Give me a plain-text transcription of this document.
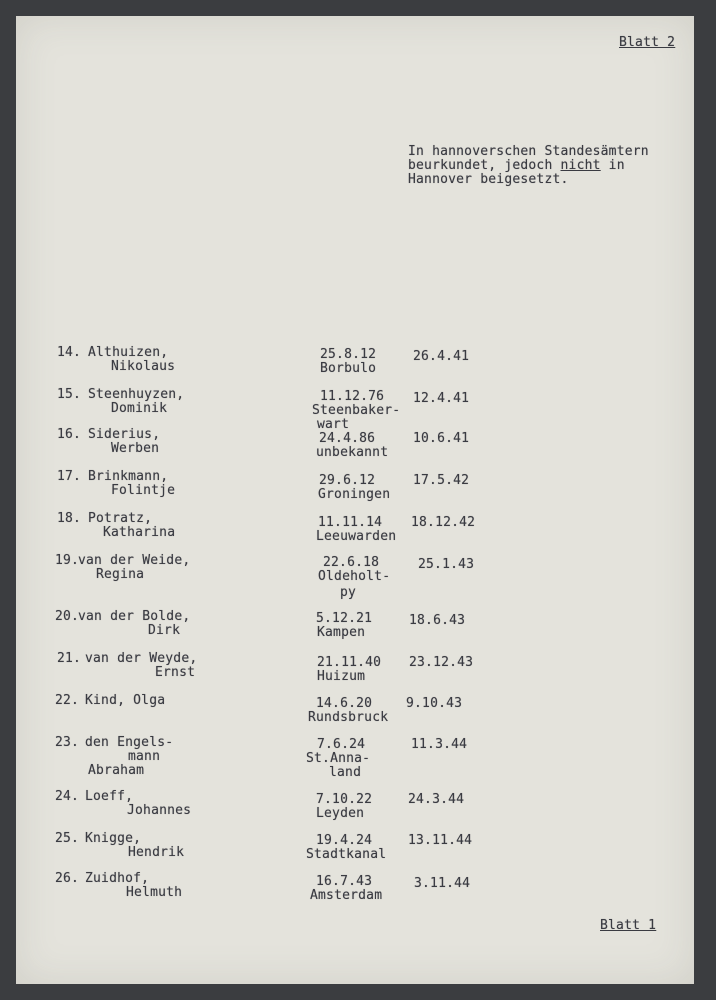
Blatt 2
In hannoverschen Standesämtern
beurkundet, jedoch nicht in
Hannover beigesetzt.
14. Althuizen,
Nikolaus
25.8.12
Borbulo
26.4.41
15. Steenhuyzen,
Dominik
11.12.76
Steenbaker-
wart
12.4.41
16. Siderius,
Werben
24.4.86
unbekannt
10.6.41
17. Brinkmann,
Folintje
29.6.12
Groningen
17.5.42
18. Potratz,
Katharina
11.11.14
Leeuwarden
18.12.42
19.
van der Weide,
Regina
22.6.18
Oldeholt-
py
25.1.43
20.
van der Bolde,
Dirk
5.12.21
Kampen
18.6.43
21. van der Weyde,
Ernst
21.11.40
Huizum
23.12.43
22. Kind, Olga	14.6.20
Rundsbruck
9.10.43
23. den Engels-
mann
Abraham
7.6.24
St.Anna-
land
11.3.44
24. Loeff,
Johannes
7.10.22
Leyden
24.3.44
25. Knigge,
Hendrik
19.4.24
Stadtkanal
13.11.44
26. Zuidhof,
Helmuth
16.7.43
Amsterdam
3.11.44
Blatt 1
